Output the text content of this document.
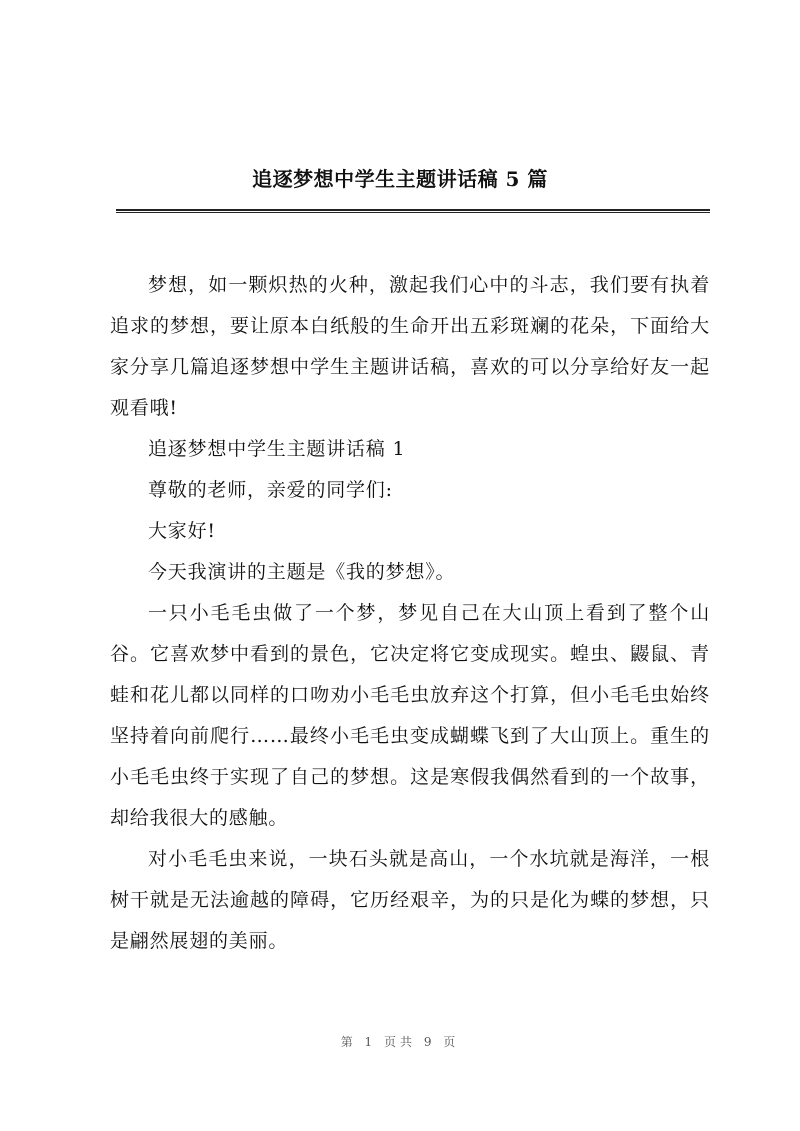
追逐梦想中学生主题讲话稿 5 篇

梦想，如一颗炽热的火种，激起我们心中的斗志，我们要有执着追求的梦想，要让原本白纸般的生命开出五彩斑斓的花朵，下面给大家分享几篇追逐梦想中学生主题讲话稿，喜欢的可以分享给好友一起观看哦!

追逐梦想中学生主题讲话稿 1

尊敬的老师，亲爱的同学们:

大家好!

今天我演讲的主题是《我的梦想》。

一只小毛毛虫做了一个梦，梦见自己在大山顶上看到了整个山谷。它喜欢梦中看到的景色，它决定将它变成现实。蝗虫、鼹鼠、青蛙和花儿都以同样的口吻劝小毛毛虫放弃这个打算，但小毛毛虫始终坚持着向前爬行……最终小毛毛虫变成蝴蝶飞到了大山顶上。重生的小毛毛虫终于实现了自己的梦想。这是寒假我偶然看到的一个故事，却给我很大的感触。

对小毛毛虫来说，一块石头就是高山，一个水坑就是海洋，一根树干就是无法逾越的障碍，它历经艰辛，为的只是化为蝶的梦想，只是翩然展翅的美丽。

第 1 页共 9 页
